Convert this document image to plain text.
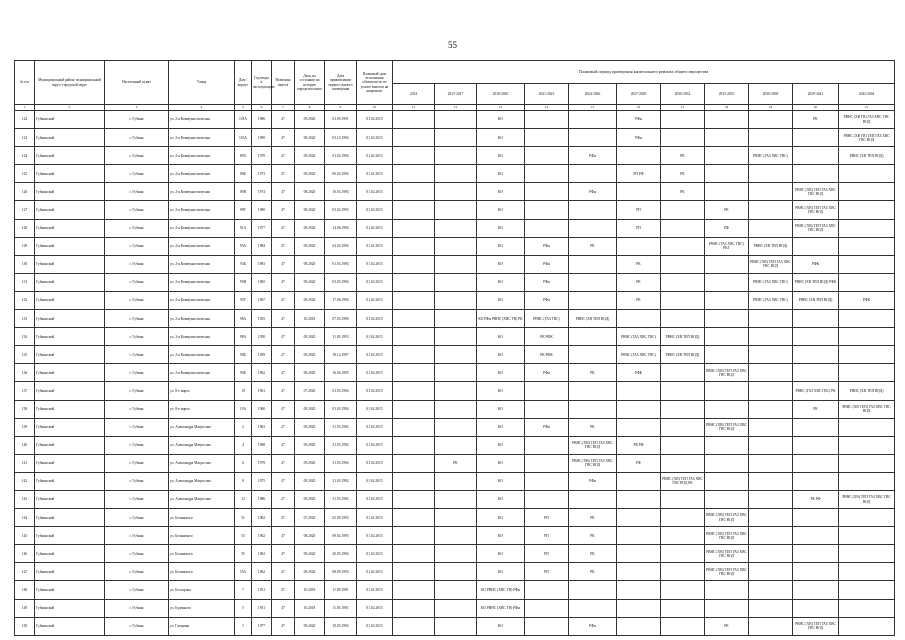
55
№ п/п	Муниципальный район/ муниципальный округ/ городской округ	Населенный пункт	Улица	Дом / корпус	Год ввода в эксплуатацию	Величина износа	Дата, на состояние на которую определен износ	Дата приватизации первого жилого помещения	Плановый срок исполнения обязательств по уплате взносов на капремонт	Плановый период проведения капитального ремонта общего имущества										
										2014	2015-2017	2018-2020	2021-2023	2024-2026	2027-2029	2030-2032	2033-2035	2036-2038	2039-2041	2042-2044
1	2	3	4	5	6	7	8	9	10	11	12	13	14	15	16	17	18	19	20	21
122	Губкинский	г. Губкин	ул. 2-я Коммунистическая	101А	1986	47	09.2020	01.09.1991	01.02.2015			КО			РФн				РК	РВНС (ХВ ГВ) ГАЗ ХВС ГВС ВОД
123	Губкинский	г. Губкин	ул. 2-я Коммунистическая	103А	1990	47	08.2020	03.10.1994	01.02.2015			КО			РФн					РВНС (ХВ ГВ) ТЕП ГАЗ ХВС ГВС ВОД
124	Губкинский	г. Губкин	ул. 2-я Коммунистическая	89А	1970	47	09.2020	01.02.1994	01.02.2015			КО		РФн		РК		РВНС (ГАЗ ХВС ГВС)		РВНС (ХВ ТЕП ВОД)
125	Губкинский	г. Губкин	ул. 2-я Коммунистическая	89Б	1973	47	09.2020	06.04.1994	01.02.2015			КО			РП РФ	РК				
126	Губкинский	г. Губкин	ул. 2-я Коммунистическая	89В	1974	47	08.2020	10.03.1994	01.02.2015			КО		РФн		РК			РВНС (ХВ) ТЕП ГАЗ ХВС ГВС ВОД	
127	Губкинский	г. Губкин	ул. 2-я Коммунистическая	89Г	1980	47	08.2020	03.02.1993	01.02.2015			КО			РП		РК		РВНС (ХВ) ТЕП ГАЗ ХВС ГВС ВОД	
128	Губкинский	г. Губкин	ул. 2-я Коммунистическая	91А	1977	47	08.2020	14.06.1994	01.02.2015			КО			РП		РФ		РВНС (ХВ) ТЕП ГАЗ ХВС ГВС ВОД	
129	Губкинский	г. Губкин	ул. 2-я Коммунистическая	93А	1984	47	09.2020	04.04.1994	01.02.2015			КО	РФн	РК			РВНС (ГАЗ ХВС ГВС) РКГ	РВНС (ХВ ТЕП ВОД)		
130	Губкинский	г. Губкин	ул. 2-я Коммунистическая	93Б	1983	47	09.2020	01.03.1994	01.02.2015			КО	РФн		РК			РВНС (ХВ) ТЕП ГАЗ ХВС ГВС ВОД	РФК	
131	Губкинский	г. Губкин	ул. 2-я Коммунистическая	95Н	1965	47	09.2020	03.03.1994	01.02.2015			КО	РФн		РК			РВНС (ГАЗ ХВС ГВС)	РВНС (ХВ ТЕП ВОД) РФК	
132	Губкинский	г. Губкин	ул. 2-я Коммунистическая	95Г	1967	47	08.2020	17.06.1994	01.02.2015			КО	РФн		РК			РВНС (ГАЗ ХВС ГВС)	РВНС (ХВ ТЕП ВОД)	РФК
133	Губкинский	г. Губкин	ул. 2-я Коммунистическая	96А	1955	47	10.2018	07.05.1996	01.02.2015			КО РФн РВНС (ХВС ГВ) РК	РВНС (ГАЗ ГВС)	РВНС (ХВ ТЕП ВОД)						
134	Губкинский	г. Губкин	ул. 2-я Коммунистическая	98А	1950	47	09.2020	11.03.1993	01.02.2015			КО	РК РФК		РВНС (ГАЗ ХВС ГВС)	РВНС (ХВ ТЕП ВОД)				
135	Губкинский	г. Губкин	ул. 2-я Коммунистическая	98Б	1959	47	09.2020	18.12.1997	01.02.2015			КО	РК РФК		РВНС (ГАЗ ХВС ГВС)	РВНС (ХВ ТЕП ВОД)				
136	Губкинский	г. Губкин	ул. 2-я Коммунистическая	99Б	1962	47	08.2020	16.04.1995	01.02.2015			КО	РФн	РК	РФК		РВНС (ХВ) ТЕП ГАЗ ХВС ГВС ВОД			
137	Губкинский	г. Губкин	ул. 8-е марта	19	1961	47	07.2020	01.03.1994	01.02.2015			КО							РВНС (ГАЗ ХВС ГВС) РК	РВНС (ХВ ТЕП ВОД)
138	Губкинский	г. Губкин	ул. 8-е марта	19А	1960	47	09.2020	01.03.1994	01.02.2015			КО							РК	РВНС (ХВ ТЕП) ГАЗ ХВС ГВС ВОД
139	Губкинский	г. Губкин	ул. Александра Матросова	2	1963	47	09.2020	31.03.1992	01.02.2015			КО	РФн	РК			РВНС (ХВ) ТЕП ГАЗ ХВС ГВС ВОД			
140	Губкинский	г. Губкин	ул. Александра Матросова	4	1968	47	09.2020	31.03.1992	01.02.2015			КО		РВНС (ХВ) ТЕП ГАЗ ХВС ГВС ВОД	РК РФ					
141	Губкинский	г. Губкин	ул. Александра Матросова	6	1979	47	09.2020	31.03.1992	01.02.2015		РК	КО		РВНС (ХВ) ТЕП ГАЗ ХВС ГВС ВОД	РФ					
142	Губкинский	г. Губкин	ул. Александра Матросова	8	1975	47	09.2020	31.03.1992	01.02.2015			КО		РФн		РВНС (ХВ) ТЕП ГАЗ ХВС ГВС ВОД РК				
143	Губкинский	г. Губкин	ул. Александра Матросова	12	1986	47	09.2020	31.03.1992	01.02.2015			КО							РК РФ	РВНС (ХВ) ТЕП ГАЗ ХВС ГВС ВОД
144	Губкинский	г. Губкин	ул. Белинского	51	1962	47	07.2020	02.09.1993	01.02.2015			КО	РП	РК			РВНС (ХВ) ТЕП ГАЗ ХВС ГВС ВОД			
145	Губкинский	г. Губкин	ул. Белинского	53	1962	47	08.2020	09.02.1995	01.02.2015			КО	РП	РК			РВНС (ХВ) ТЕП ГАЗ ХВС ГВС ВОД			
146	Губкинский	г. Губкин	ул. Белинского	55	1962	47	09.2020	20.05.1994	01.02.2015			КО	РП	РК			РВНС (ХВ) ТЕП ГАЗ ХВС ГВС ВОД			
147	Губкинский	г. Губкин	ул. Белинского	55А	1962	47	08.2020	08.09.1993	01.02.2015			КО	РП	РК			РВНС (ХВ) ТЕП ГАЗ ХВС ГВС ВОД			
148	Губкинский	г. Губкин	ул. Болгарова	7	1951	47	10.2018	11.09.1991	01.02.2015			КО РВНС (ХВС ГВ) РФн								
149	Губкинский	г. Губкин	ул. Буденного	5	1951	47	10.2018	11.05.1991	01.02.2015			КО РВНС (ХВС ГВ) РФн								
150	Губкинский	г. Губкин	ул. Гагарина	1	1977	47	09.2020	19.03.1992	01.02.2015			КО		РФн			РК		РВНС (ХВ) ТЕП ГАЗ ХВС ГВС ВОД	
